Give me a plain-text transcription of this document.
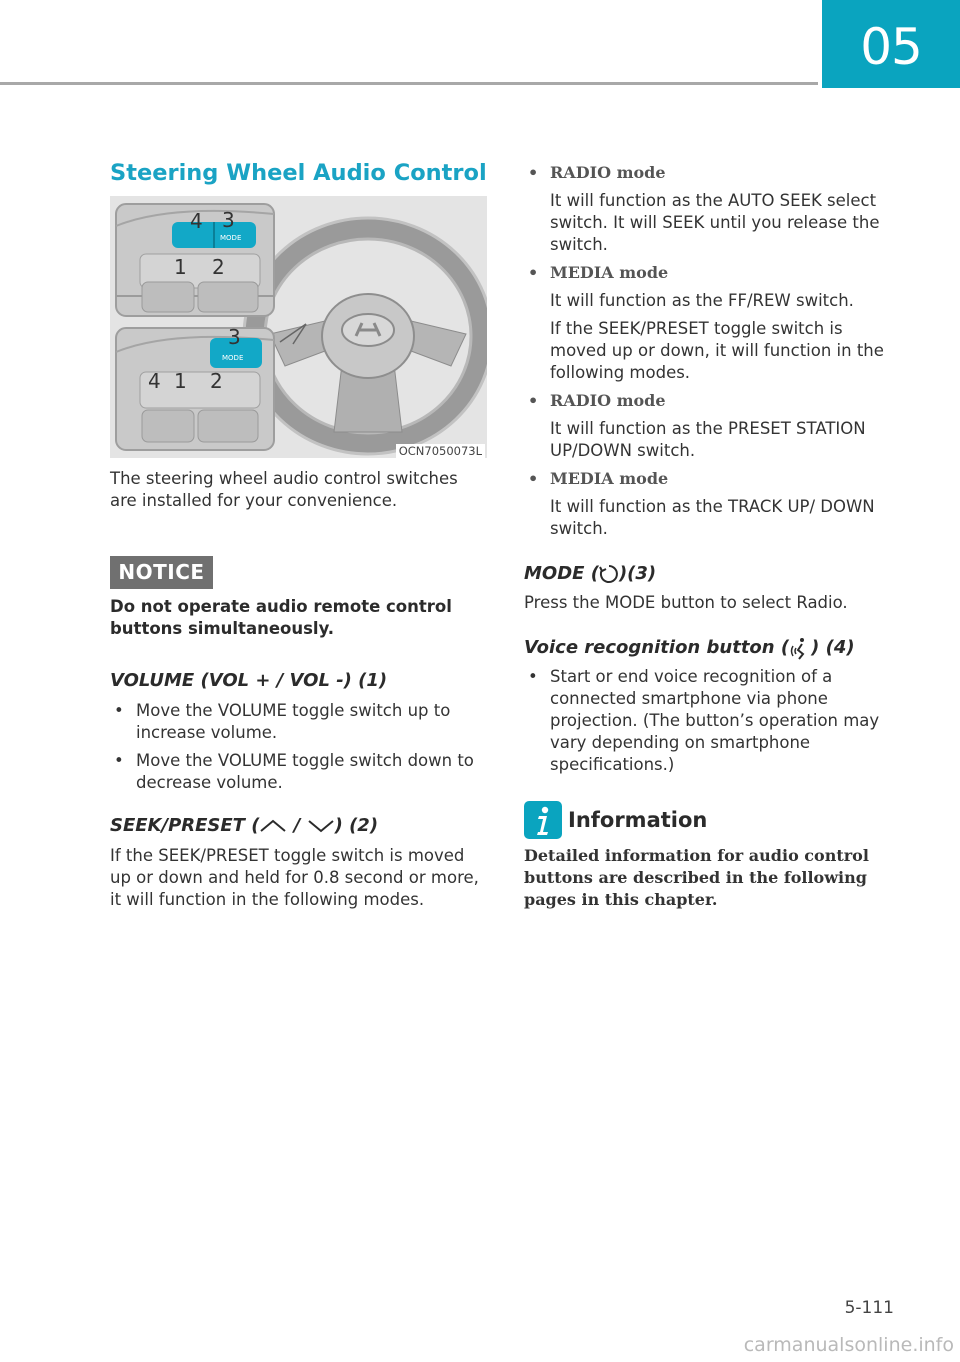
05
Steering Wheel Audio Control
MODE
4 3
1 2
MODE
3
4 1 2
OCN7050073L
The steering wheel audio control switches are installed for your convenience.
NOTICE
Do not operate audio remote control buttons simultaneously.
VOLUME (VOL + / VOL -) (1)
• Move the VOLUME toggle switch up to increase volume.
• Move the VOLUME toggle switch down to decrease volume.
SEEK/PRESET ( / ) (2)
If the SEEK/PRESET toggle switch is moved up or down and held for 0.8 second or more, it will function in the following modes.
• RADIO mode
It will function as the AUTO SEEK select switch. It will SEEK until you release the switch.
• MEDIA mode
It will function as the FF/REW switch.
If the SEEK/PRESET toggle switch is moved up or down, it will function in the following modes.
• RADIO mode
It will function as the PRESET STATION UP/DOWN switch.
• MEDIA mode
It will function as the TRACK UP/ DOWN switch.
MODE ( )(3)
Press the MODE button to select Radio.
Voice recognition button ( ) (4)
• Start or end voice recognition of a connected smartphone via phone projection. (The button’s operation may vary depending on smartphone specifications.)
Information
Detailed information for audio control buttons are described in the following pages in this chapter.
5-111
carmanualsonline.info
